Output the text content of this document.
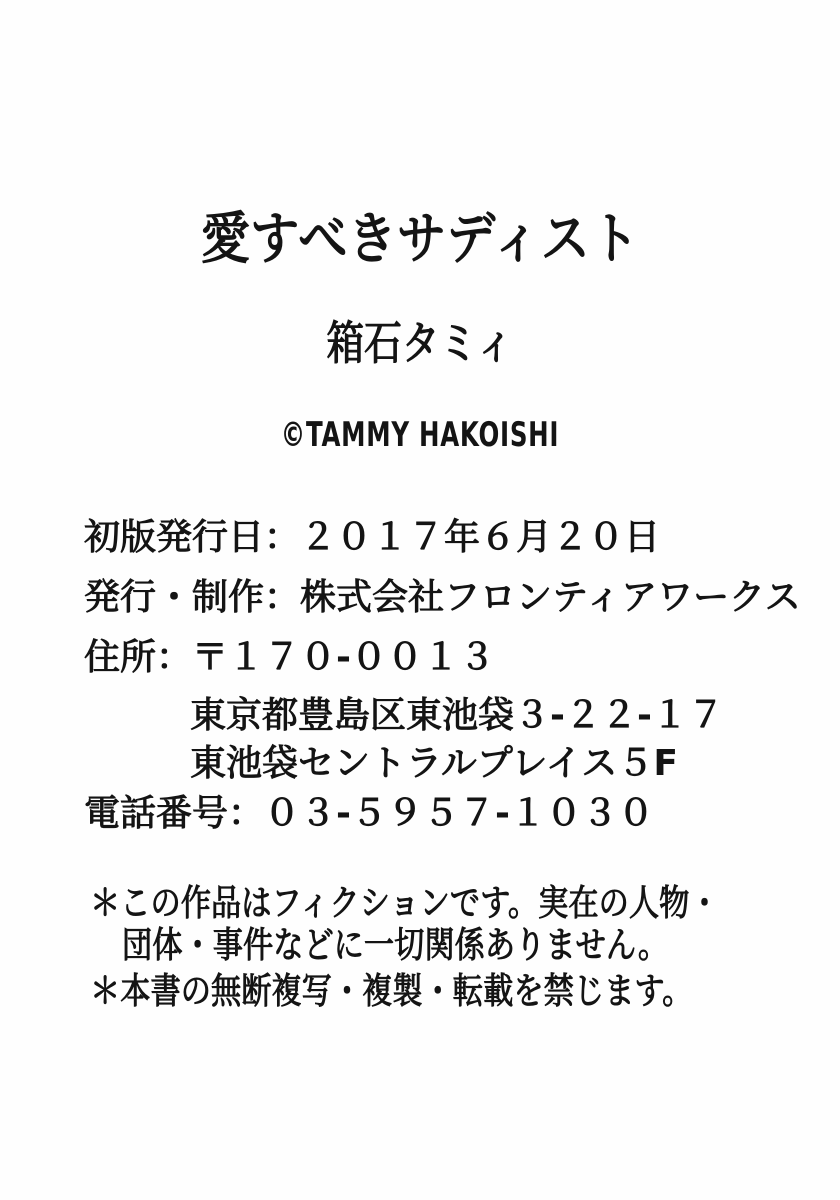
愛すべきサディスト
箱石タミィ
©TAMMY HAKOISHI
初版発行日：２０１７年６月２０日
発行・制作：株式会社フロンティアワークス
住所：〒１７０-００１３
東京都豊島区東池袋３-２２-１７
東池袋セントラルプレイス５F
電話番号：０３-５９５７-１０３０
＊この作品はフィクションです。実在の人物・
団体・事件などに一切関係ありません。
＊本書の無断複写・複製・転載を禁じます。
